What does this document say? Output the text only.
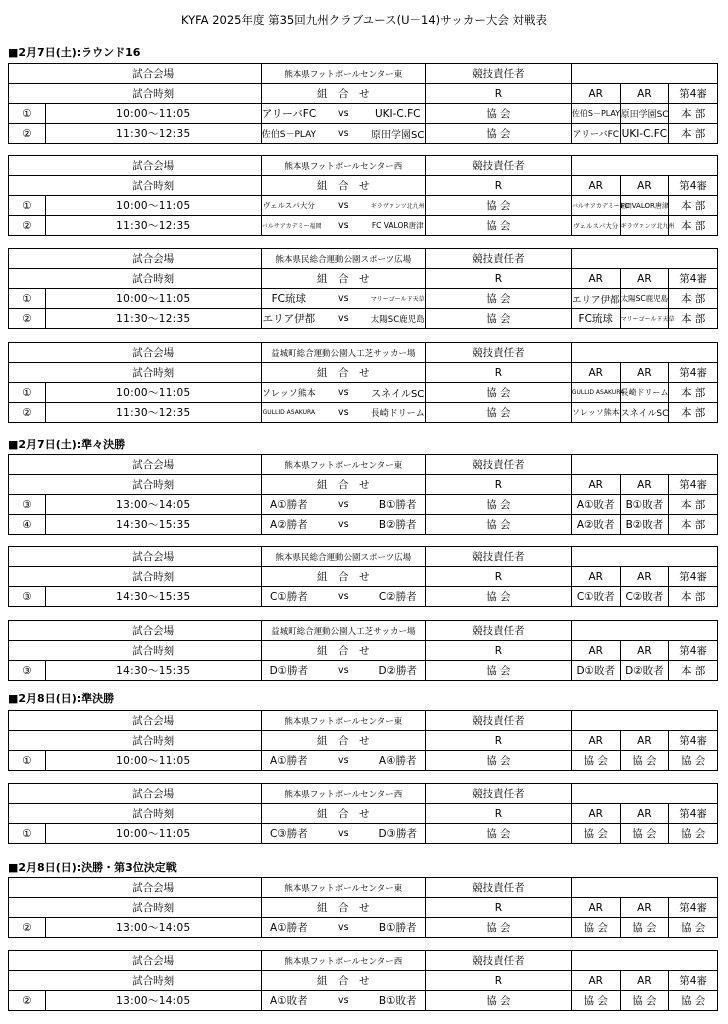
KYFA 2025年度 第35回九州クラブユース(U－14)サッカー大会 対戦表
■2月7日(土):ラウンド16
	試合会場	熊本県フットボールセンター東			競技責任者			
	試合時刻	組　合　せ			R	AR	AR	第4審
①	10:00～11:05	アリーバFC	vs	UKI-C.FC	協 会	佐伯S－PLAY	原田学園SC	本 部
②	11:30～12:35	佐伯S－PLAY	vs	原田学園SC	協 会	アリーバFC	UKI-C.FC	本 部
	試合会場	熊本県フットボールセンター西			競技責任者			
	試合時刻	組　合　せ			R	AR	AR	第4審
①	10:00～11:05	ヴェルスパ大分	vs	ギラヴァンツ北九州	協 会	バルサアカデミー福岡	FC VALOR唐津	本 部
②	11:30～12:35	バルサアカデミー福岡	vs	FC VALOR唐津	協 会	ヴェルスパ大分	ギラヴァンツ北九州	本 部
	試合会場	熊本県民総合運動公園スポーツ広場			競技責任者			
	試合時刻	組　合　せ			R	AR	AR	第4審
①	10:00～11:05	FC琉球	vs	マリーゴールド天草	協 会	エリア伊都	太陽SC鹿児島	本 部
②	11:30～12:35	エリア伊都	vs	太陽SC鹿児島	協 会	FC琉球	マリーゴールド天草	本 部
	試合会場	益城町総合運動公園人工芝サッカー場			競技責任者			
	試合時刻	組　合　せ			R	AR	AR	第4審
①	10:00～11:05	ソレッソ熊本	vs	スネイルSC	協 会	GULLID ASAKURA	長崎ドリーム	本 部
②	11:30～12:35	GULLID ASAKURA	vs	長崎ドリーム	協 会	ソレッソ熊本	スネイルSC	本 部
■2月7日(土):準々決勝
	試合会場	熊本県フットボールセンター東			競技責任者			
	試合時刻	組　合　せ			R	AR	AR	第4審
③	13:00～14:05	A①勝者	vs	B①勝者	協 会	A①敗者	B①敗者	本 部
④	14:30～15:35	A②勝者	vs	B②勝者	協 会	A②敗者	B②敗者	本 部
	試合会場	熊本県民総合運動公園スポーツ広場			競技責任者			
	試合時刻	組　合　せ			R	AR	AR	第4審
③	14:30～15:35	C①勝者	vs	C②勝者	協 会	C①敗者	C②敗者	本 部
	試合会場	益城町総合運動公園人工芝サッカー場			競技責任者			
	試合時刻	組　合　せ			R	AR	AR	第4審
③	14:30～15:35	D①勝者	vs	D②勝者	協 会	D①敗者	D②敗者	本 部
■2月8日(日):準決勝
	試合会場	熊本県フットボールセンター東			競技責任者			
	試合時刻	組　合　せ			R	AR	AR	第4審
①	10:00～11:05	A①勝者	vs	A④勝者	協 会	協 会	協 会	協 会
	試合会場	熊本県フットボールセンター西			競技責任者			
	試合時刻	組　合　せ			R	AR	AR	第4審
①	10:00～11:05	C③勝者	vs	D③勝者	協 会	協 会	協 会	協 会
■2月8日(日):決勝・第3位決定戦
	試合会場	熊本県フットボールセンター東			競技責任者			
	試合時刻	組　合　せ			R	AR	AR	第4審
②	13:00～14:05	A①勝者	vs	B①勝者	協 会	協 会	協 会	協 会
	試合会場	熊本県フットボールセンター西			競技責任者			
	試合時刻	組　合　せ			R	AR	AR	第4審
②	13:00～14:05	A①敗者	vs	B①敗者	協 会	協 会	協 会	協 会
